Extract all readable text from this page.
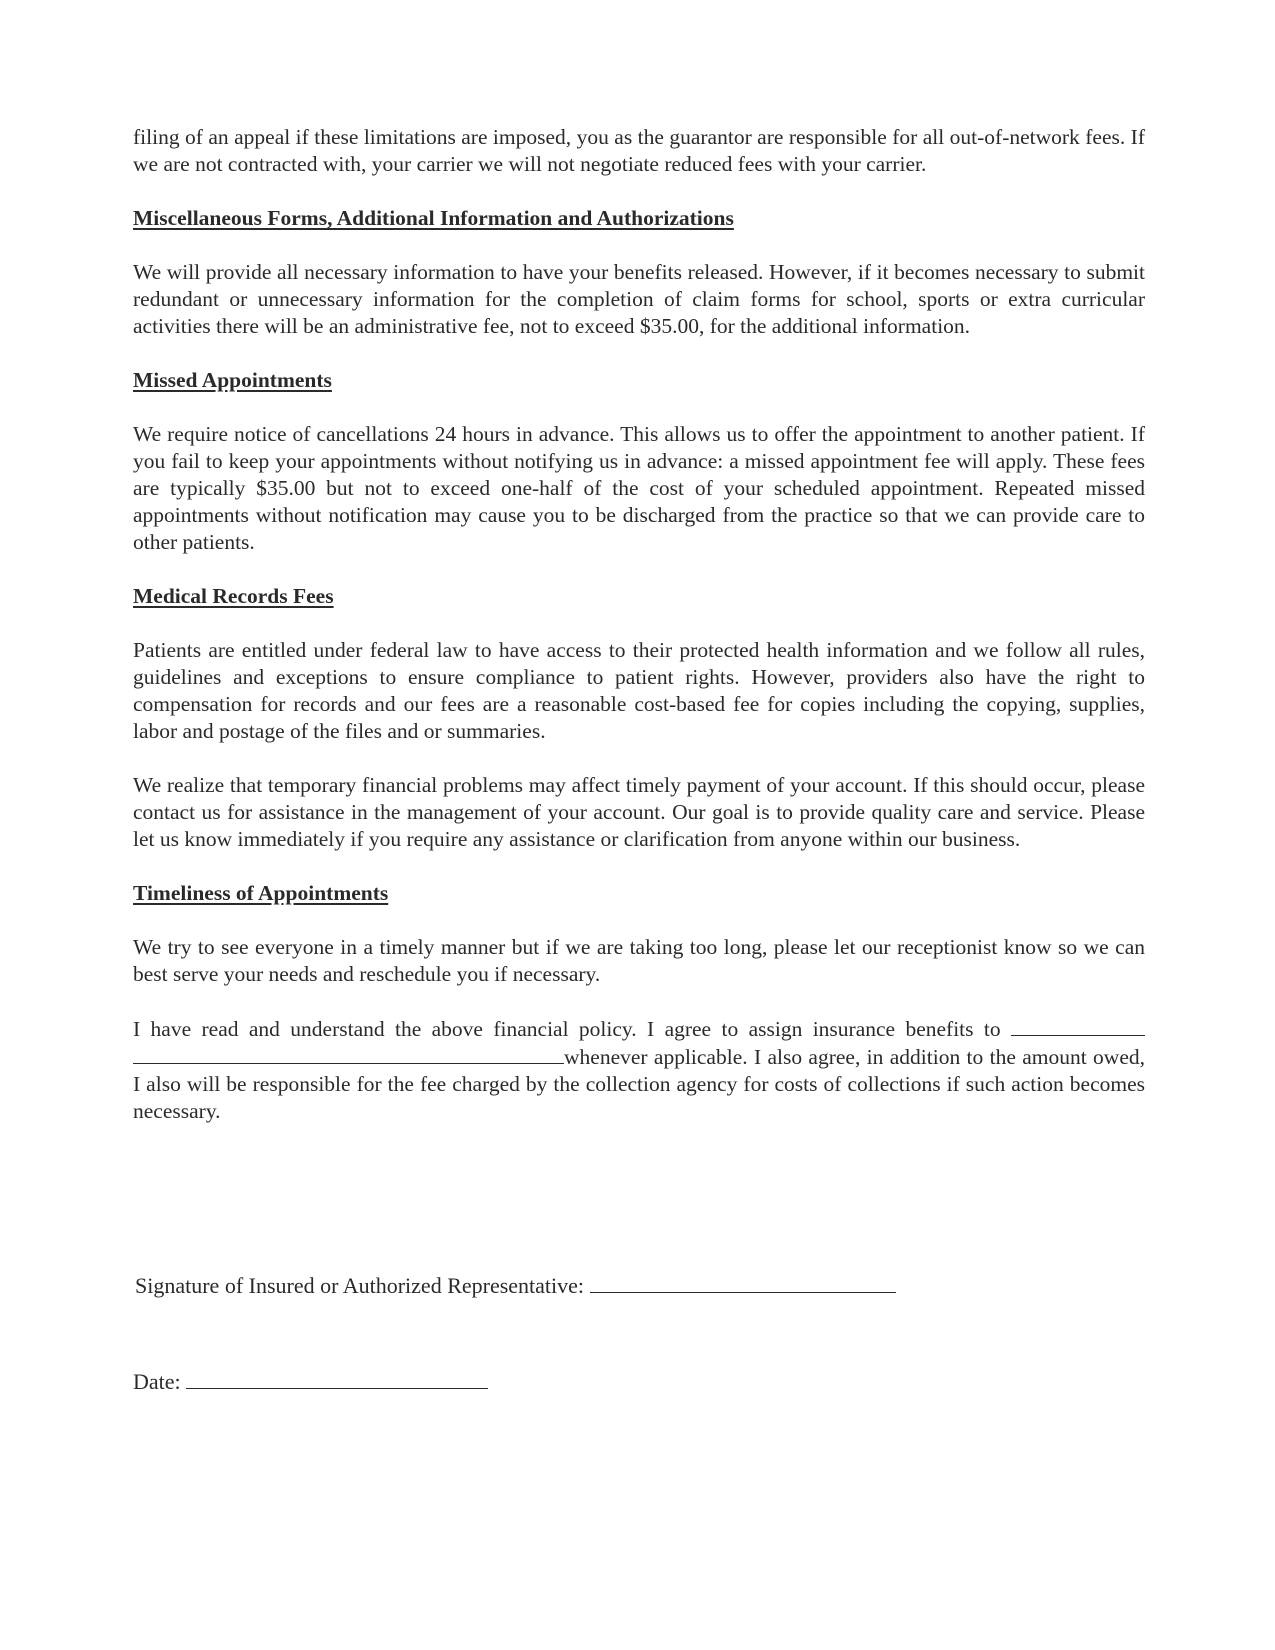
filing of an appeal if these limitations are imposed, you as the guarantor are responsible for all out-of-network fees. If we are not contracted with, your carrier we will not negotiate reduced fees with your carrier.

Miscellaneous Forms, Additional Information and Authorizations

We will provide all necessary information to have your benefits released. However, if it becomes necessary to submit redundant or unnecessary information for the completion of claim forms for school, sports or extra curricular activities there will be an administrative fee, not to exceed $35.00, for the additional information.

Missed Appointments

We require notice of cancellations 24 hours in advance. This allows us to offer the appointment to another patient. If you fail to keep your appointments without notifying us in advance: a missed appointment fee will apply. These fees are typically $35.00 but not to exceed one-half of the cost of your scheduled appointment. Repeated missed appointments without notification may cause you to be discharged from the practice so that we can provide care to other patients.

Medical Records Fees

Patients are entitled under federal law to have access to their protected health information and we follow all rules, guidelines and exceptions to ensure compliance to patient rights. However, providers also have the right to compensation for records and our fees are a reasonable cost-based fee for copies including the copying, supplies, labor and postage of the files and or summaries.

We realize that temporary financial problems may affect timely payment of your account. If this should occur, please contact us for assistance in the management of your account. Our goal is to provide quality care and service. Please let us know immediately if you require any assistance or clarification from anyone within our business.

Timeliness of Appointments

We try to see everyone in a timely manner but if we are taking too long, please let our receptionist know so we can best serve your needs and reschedule you if necessary.

I have read and understand the above financial policy. I agree to assign insurance benefits to  whenever applicable. I also agree, in addition to the amount owed, I also will be responsible for the fee charged by the collection agency for costs of collections if such action becomes necessary.

Signature of Insured or Authorized Representative:
Date:
